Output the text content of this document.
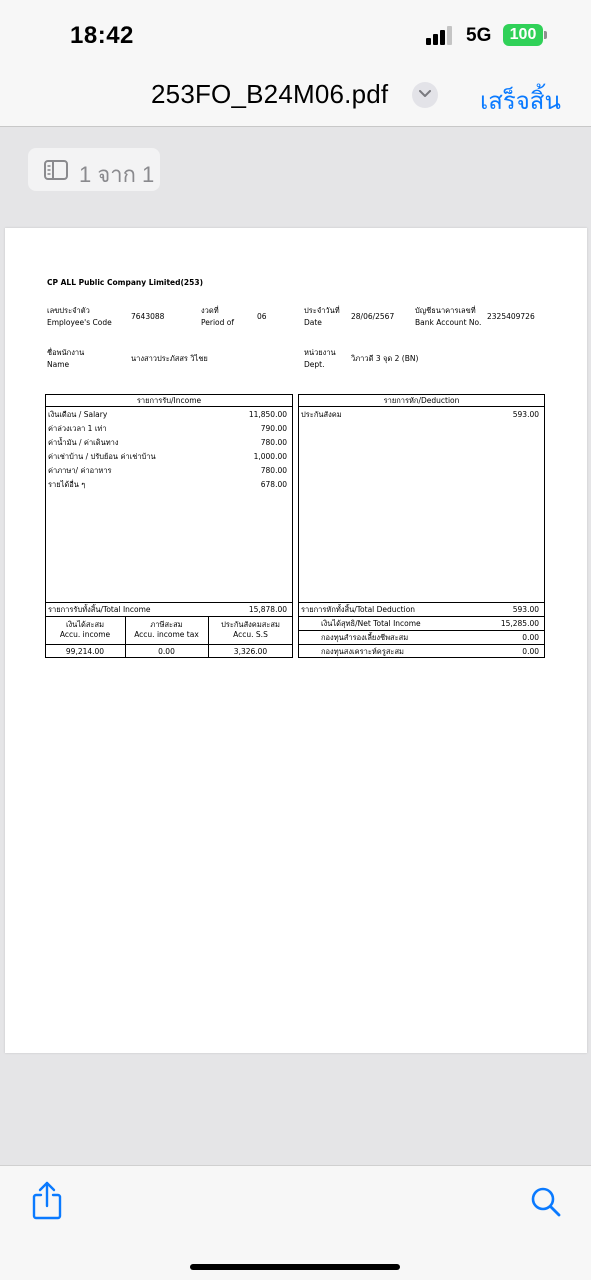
18:42	5G	100
253FO_B24M06.pdf	เสร็จสิ้น
1 จาก 1
CP ALL Public Company Limited(253)
เลขประจำตัว
Employee's Code
7643088
งวดที่
Period of
06
ประจำวันที่
Date
28/06/2567
บัญชีธนาคารเลขที่
Bank Account No.
2325409726
ชื่อพนักงาน
Name
นางสาวประภัสสร วิไชย
หน่วยงาน
Dept.
วิภาวดี 3 จุด 2 (BN)
รายการรับ/Income
เงินเดือน / Salary	11,850.00
ค่าล่วงเวลา 1 เท่า	790.00
ค่าน้ำมัน / ค่าเดินทาง	780.00
ค่าเช่าบ้าน / ปรับย้อน ค่าเช่าบ้าน	1,000.00
ค่าภาษา/ ค่าอาหาร	780.00
รายได้อื่น ๆ	678.00
รายการรับทั้งสิ้น/Total Income	15,878.00
เงินได้สะสม
Accu. income
ภาษีสะสม
Accu. income tax
ประกันสังคมสะสม
Accu. S.S
99,214.00	0.00	3,326.00
รายการหัก/Deduction
ประกันสังคม	593.00
รายการหักทั้งสิ้น/Total Deduction	593.00
เงินได้สุทธิ/Net Total Income	15,285.00
กองทุนสำรองเลี้ยงชีพสะสม	0.00
กองทุนสงเคราะห์ครูสะสม	0.00
